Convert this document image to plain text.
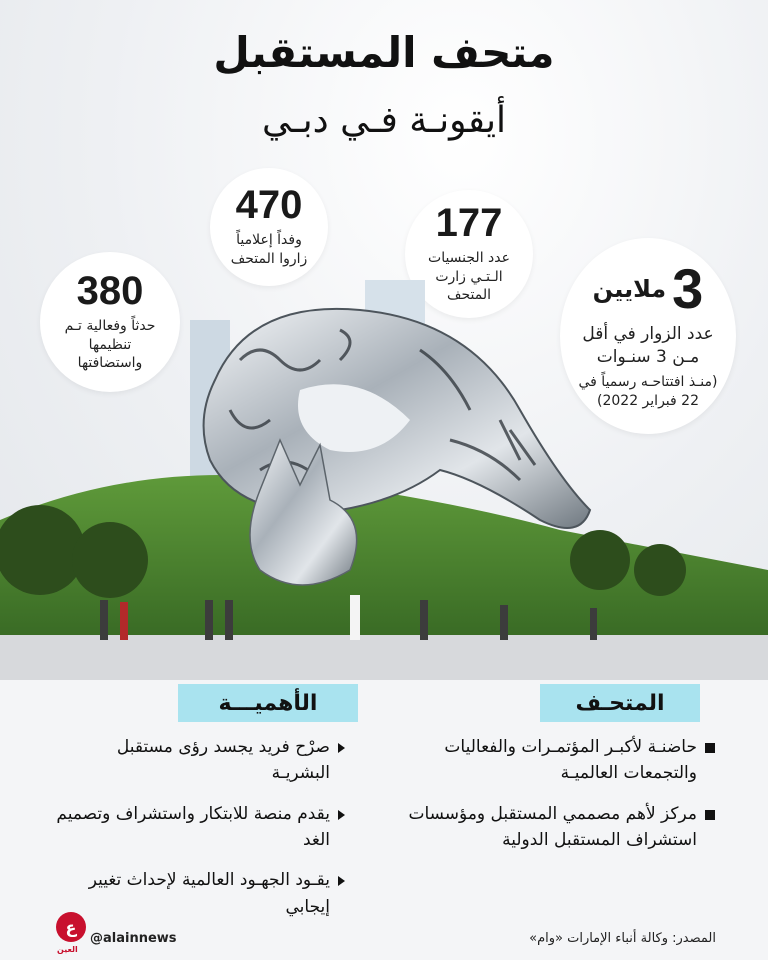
متحف المستقبل
أيقونـة فـي دبـي
380
حدثاً وفعالية تـم تنظيمها واستضافتها
470
وفداً إعلامياً زاروا المتحف
177
عدد الجنسيات الـتـي زارت المتحف	3
ملايين
عدد الزوار في أقل مـن 3 سنـوات
(منـذ افتتاحـه رسمياً في 22 فبراير 2022)
المتحـف
الأهميـــة
حاضنـة لأكبـر المؤتمـرات والفعاليات والتجمعات العالميـة
مركز لأهم مصممي المستقبل ومؤسسات استشراف المستقبل الدولية
صرْح فريد يجسد رؤى مستقبل البشريـة
يقدم منصة للابتكار واستشراف وتصميم الغد
يقـود الجهـود العالمية لإحداث تغيير إيجابي
المصدر: وكالة أنباء الإمارات «وام»
ع
العين
@alainnews
